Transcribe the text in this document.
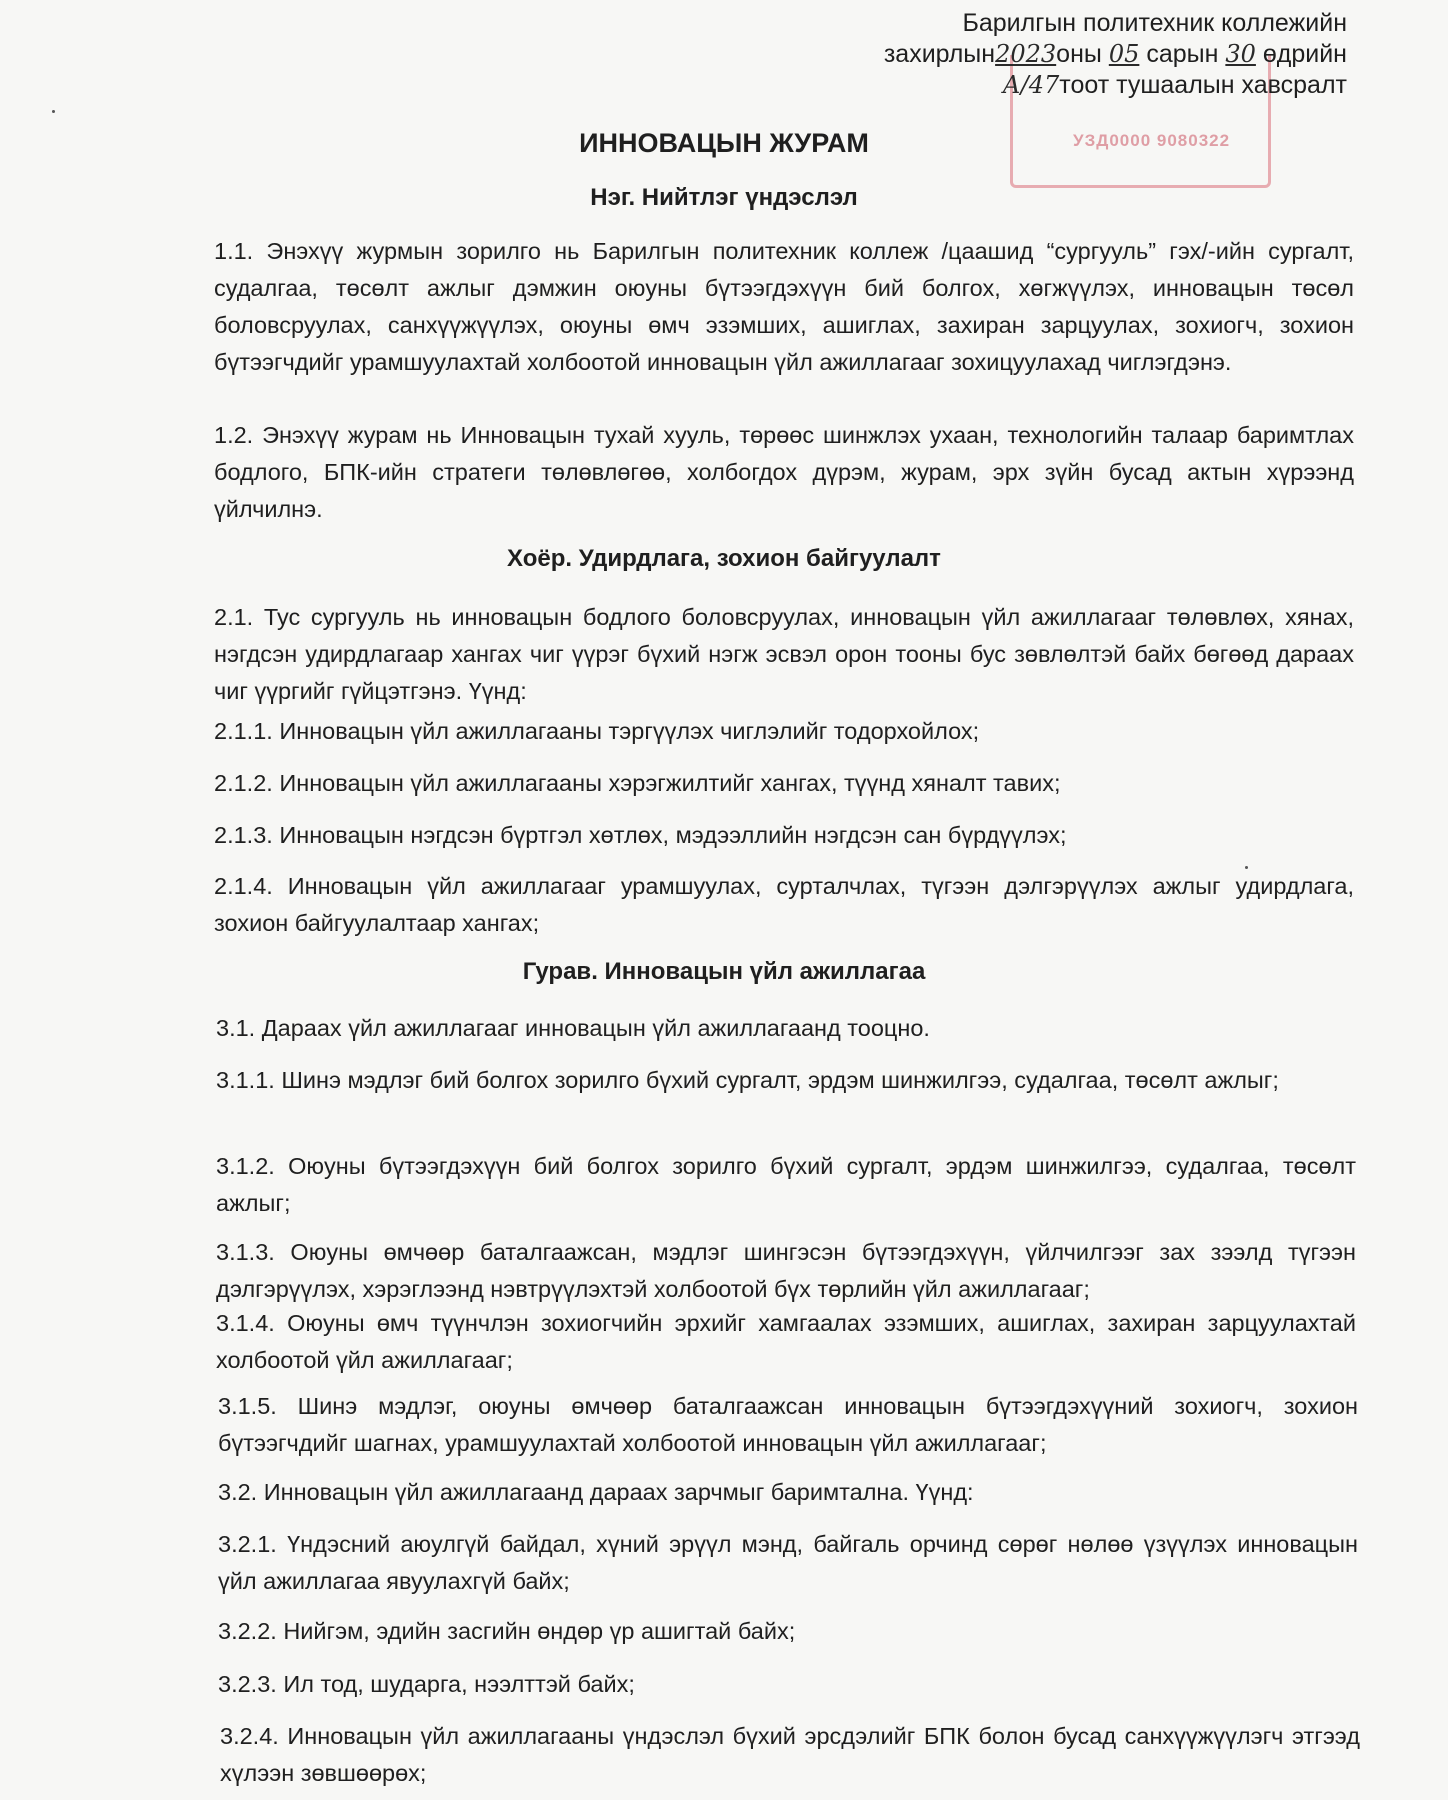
УЗД0000 9080322
Барилгын политехник коллежийн
захирлын2023оны 05 сарын 30 өдрийн
А/47тоот тушаалын хавсралт
ИННОВАЦЫН ЖУРАМ
Нэг. Нийтлэг үндэслэл
1.1. Энэхүү журмын зорилго нь Барилгын политехник коллеж /цаашид “сургууль” гэх/-ийн сургалт, судалгаа, төсөлт ажлыг дэмжин оюуны бүтээгдэхүүн бий болгох, хөгжүүлэх, инновацын төсөл боловсруулах, санхүүжүүлэх, оюуны өмч эзэмших, ашиглах, захиран зарцуулах, зохиогч, зохион бүтээгчдийг урамшуулахтай холбоотой инновацын үйл ажиллагааг зохицуулахад чиглэгдэнэ.
1.2. Энэхүү журам нь Инновацын тухай хууль, төрөөс шинжлэх ухаан, технологийн талаар баримтлах бодлого, БПК-ийн стратеги төлөвлөгөө, холбогдох дүрэм, журам, эрх зүйн бусад актын хүрээнд үйлчилнэ.
Хоёр. Удирдлага, зохион байгуулалт
2.1. Тус сургууль нь инновацын бодлого боловсруулах, инновацын үйл ажиллагааг төлөвлөх, хянах, нэгдсэн удирдлагаар хангах чиг үүрэг бүхий нэгж эсвэл орон тооны бус зөвлөлтэй байх бөгөөд дараах чиг үүргийг гүйцэтгэнэ. Үүнд:
2.1.1. Инновацын үйл ажиллагааны тэргүүлэх чиглэлийг тодорхойлох;
2.1.2. Инновацын үйл ажиллагааны хэрэгжилтийг хангах, түүнд хяналт тавих;
2.1.3. Инновацын нэгдсэн бүртгэл хөтлөх, мэдээллийн нэгдсэн сан бүрдүүлэх;
2.1.4. Инновацын үйл ажиллагааг урамшуулах, сурталчлах, түгээн дэлгэрүүлэх ажлыг удирдлага, зохион байгуулалтаар хангах;
Гурав. Инновацын үйл ажиллагаа
3.1. Дараах үйл ажиллагааг инновацын үйл ажиллагаанд тооцно.
3.1.1. Шинэ мэдлэг бий болгох зорилго бүхий сургалт, эрдэм шинжилгээ, судалгаа, төсөлт ажлыг;
3.1.2. Оюуны бүтээгдэхүүн бий болгох зорилго бүхий сургалт, эрдэм шинжилгээ, судалгаа, төсөлт ажлыг;
3.1.3. Оюуны өмчөөр баталгаажсан, мэдлэг шингэсэн бүтээгдэхүүн, үйлчилгээг зах зээлд түгээн дэлгэрүүлэх, хэрэглээнд нэвтрүүлэхтэй холбоотой бүх төрлийн үйл ажиллагааг;
3.1.4. Оюуны өмч түүнчлэн зохиогчийн эрхийг хамгаалах эзэмших, ашиглах, захиран зарцуулахтай холбоотой үйл ажиллагааг;
3.1.5. Шинэ мэдлэг, оюуны өмчөөр баталгаажсан инновацын бүтээгдэхүүний зохиогч, зохион бүтээгчдийг шагнах, урамшуулахтай холбоотой инновацын үйл ажиллагааг;
3.2. Инновацын үйл ажиллагаанд дараах зарчмыг баримтална. Үүнд:
3.2.1. Үндэсний аюулгүй байдал, хүний эрүүл мэнд, байгаль орчинд сөрөг нөлөө үзүүлэх инновацын үйл ажиллагаа явуулахгүй байх;
3.2.2. Нийгэм, эдийн засгийн өндөр үр ашигтай байх;
3.2.3. Ил тод, шударга, нээлттэй байх;
3.2.4. Инновацын үйл ажиллагааны үндэслэл бүхий эрсдэлийг БПК болон бусад санхүүжүүлэгч этгээд хүлээн зөвшөөрөх;
